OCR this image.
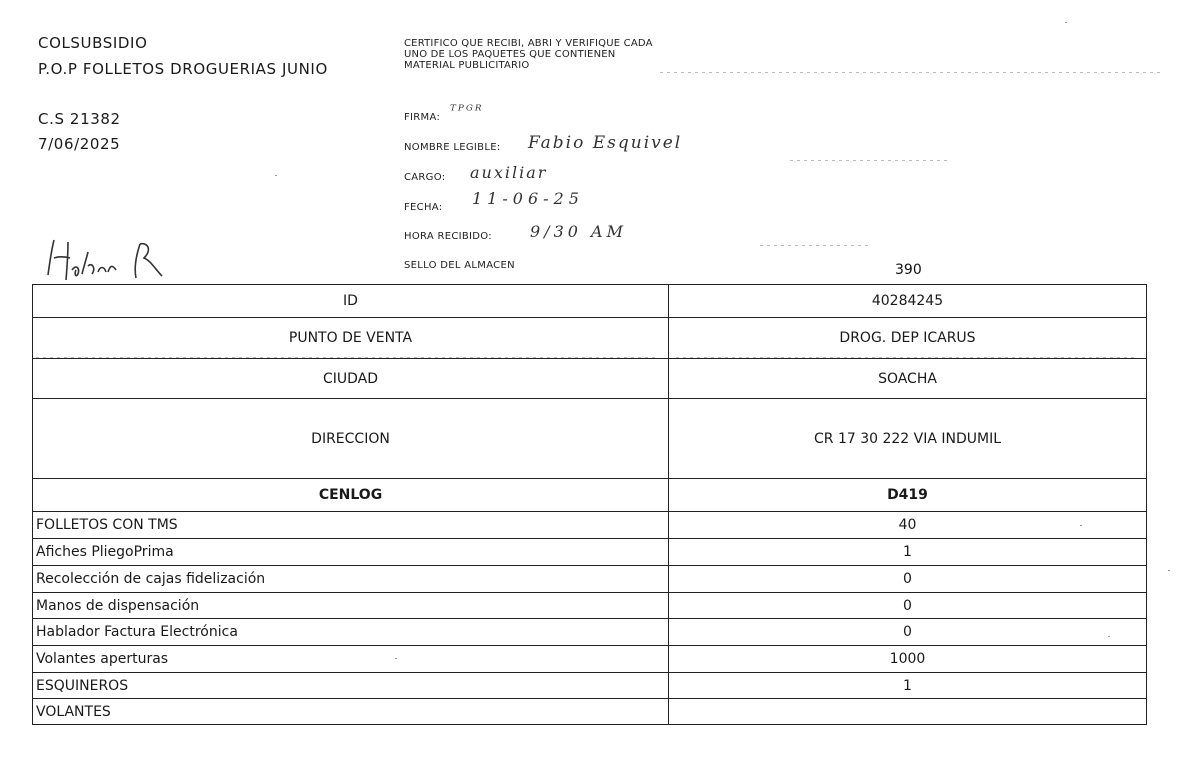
COLSUBSIDIO
P.O.P FOLLETOS DROGUERIAS JUNIO
C.S 21382
7/06/2025
CERTIFICO QUE RECIBI, ABRI Y VERIFIQUE CADA UNO DE LOS PAQUETES QUE CONTIENEN MATERIAL PUBLICITARIO
FIRMA: ᵀᴾᴳᴿ
NOMBRE LEGIBLE: Fabio Esquivel
CARGO: auxiliar
FECHA: 11-06-25
HORA RECIBIDO: 9/30 AM
SELLO DEL ALMACEN	390
ID	40284245
PUNTO DE VENTA	DROG. DEP ICARUS
CIUDAD	SOACHA
DIRECCION	CR 17 30 222 VIA INDUMIL
CENLOG	D419
FOLLETOS CON TMS	40
Afiches PliegoPrima	1
Recolección de cajas fidelización	0
Manos de dispensación	0
Hablador Factura Electrónica	0
Volantes aperturas	1000
ESQUINEROS	1
VOLANTES	
